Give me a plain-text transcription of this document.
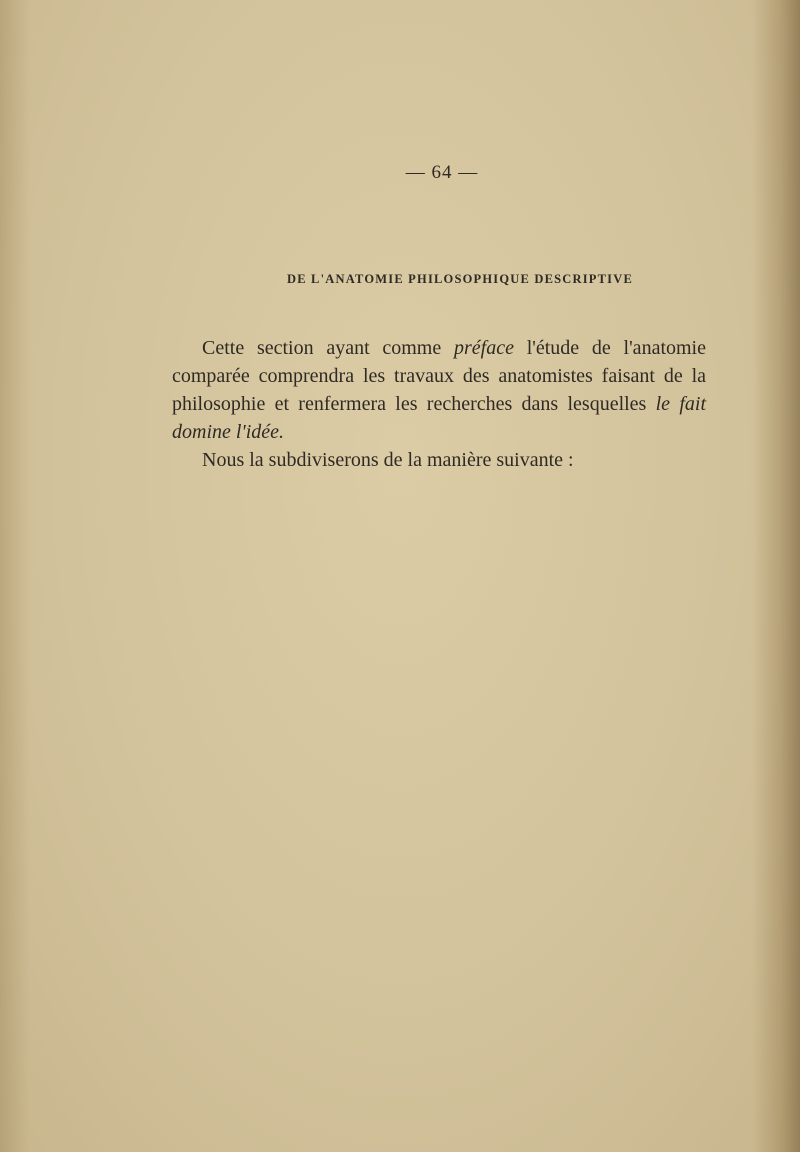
— 64 —
DE L'ANATOMIE PHILOSOPHIQUE DESCRIPTIVE

Cette section ayant comme préface l'étude de l'anatomie comparée comprendra les travaux des anatomistes faisant de la philosophie et renfermera les recherches dans lesquelles le fait domine l'idée.

Nous la subdiviserons de la manière suivante :
